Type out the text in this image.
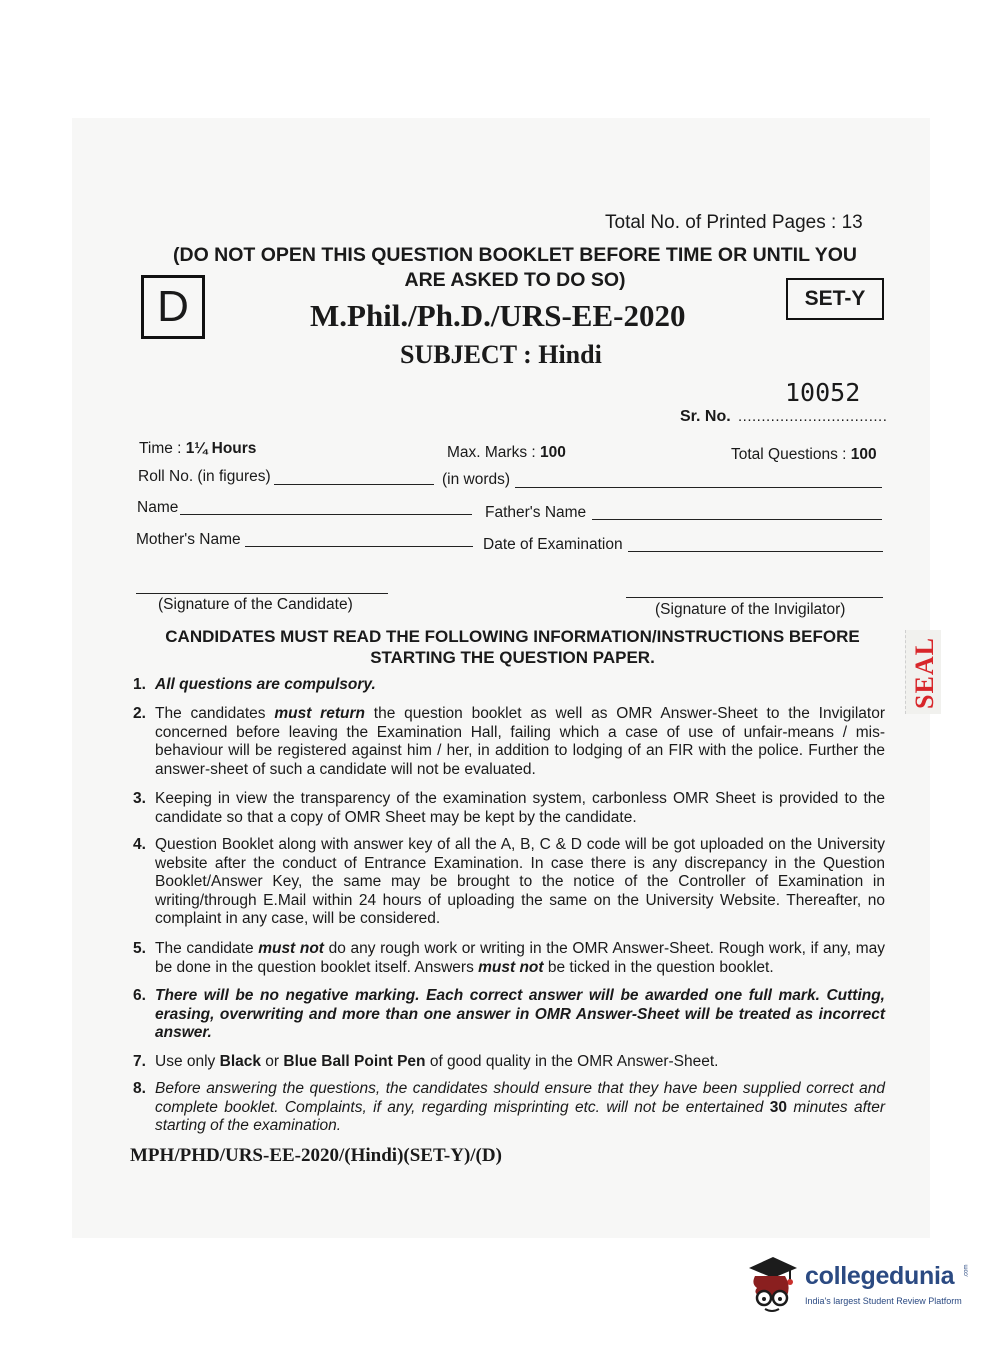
Total No. of Printed Pages : 13
(DO NOT OPEN THIS QUESTION BOOKLET BEFORE TIME OR UNTIL YOU
ARE ASKED TO DO SO)
D	SET-Y
M.Phil./Ph.D./URS-EE-2020
SUBJECT : Hindi
10052
Sr. No. ................................
Time : 1¼ Hours	Max. Marks : 100	Total Questions : 100
Roll No. (in figures)	(in words)
Name	Father's Name
Mother's Name	Date of Examination
(Signature of the Candidate)	(Signature of the Invigilator)
CANDIDATES MUST READ THE FOLLOWING INFORMATION/INSTRUCTIONS BEFORE
STARTING THE QUESTION PAPER.	SEAL
1. All questions are compulsory.
2. The candidates must return the question booklet as well as OMR Answer-Sheet to the Invigilator concerned before leaving the Examination Hall, failing which a case of use of unfair-means / mis-behaviour will be registered against him / her, in addition to lodging of an FIR with the police. Further the answer-sheet of such a candidate will not be evaluated.
3. Keeping in view the transparency of the examination system, carbonless OMR Sheet is provided to the candidate so that a copy of OMR Sheet may be kept by the candidate.
4. Question Booklet along with answer key of all the A, B, C & D code will be got uploaded on the University website after the conduct of Entrance Examination. In case there is any discrepancy in the Question Booklet/Answer Key, the same may be brought to the notice of the Controller of Examination in writing/through E.Mail within 24 hours of uploading the same on the University Website. Thereafter, no complaint in any case, will be considered.
5. The candidate must not do any rough work or writing in the OMR Answer-Sheet. Rough work, if any, may be done in the question booklet itself. Answers must not be ticked in the question booklet.
6. There will be no negative marking. Each correct answer will be awarded one full mark. Cutting, erasing, overwriting and more than one answer in OMR Answer-Sheet will be treated as incorrect answer.
7. Use only Black or Blue Ball Point Pen of good quality in the OMR Answer-Sheet.
8. Before answering the questions, the candidates should ensure that they have been supplied correct and complete booklet. Complaints, if any, regarding misprinting etc. will not be entertained 30 minutes after starting of the examination.
MPH/PHD/URS-EE-2020/(Hindi)(SET-Y)/(D)
collegedunia .com
India's largest Student Review Platform
